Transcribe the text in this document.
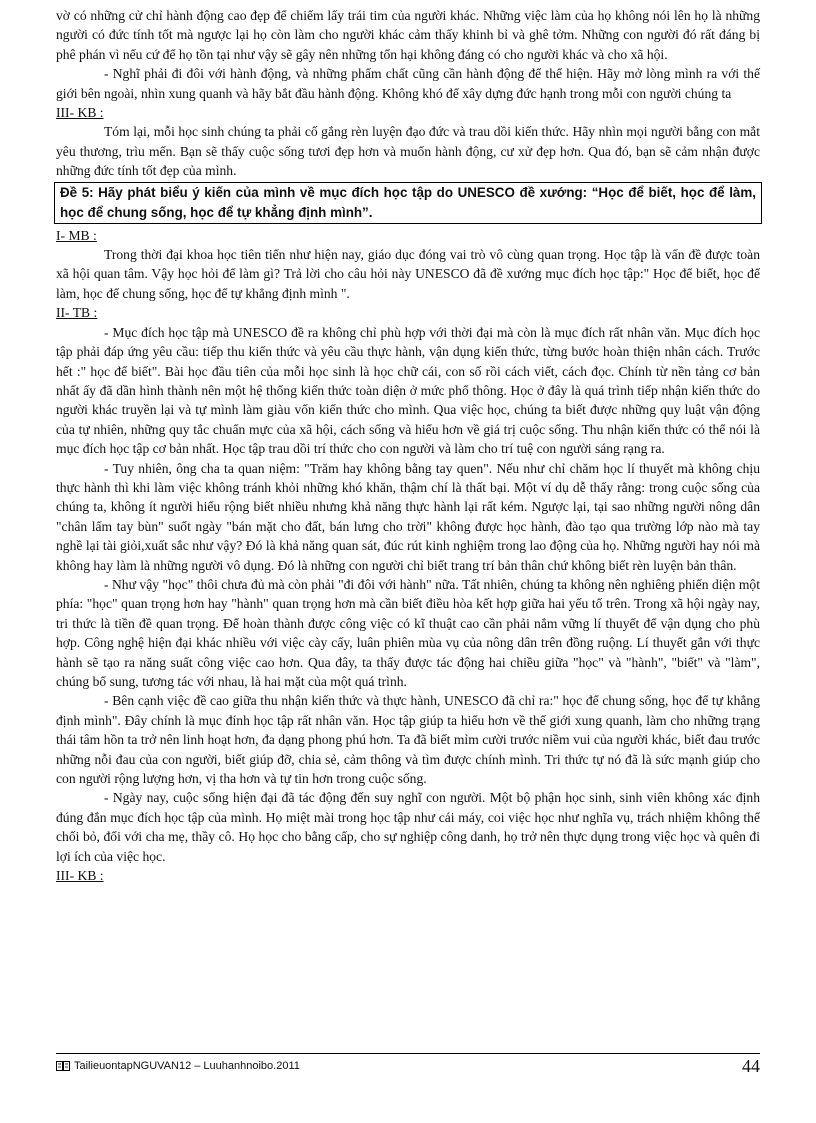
vờ có những cử chỉ hành động cao đẹp để chiếm lấy trái tim của người khác. Những việc làm của họ không nói lên họ là những người có đức tính tốt mà ngược lại họ còn làm cho người khác cảm thấy khinh bỉ và ghê tởm. Những con người đó rất đáng bị phê phán vì nếu cứ để họ tồn tại như vậy sẽ gây nên những tổn hại không đáng có cho người khác và cho xã hội.

- Nghĩ phải đi đôi với hành động, và những phẩm chất cũng cần hành động để thể hiện. Hãy mở lòng mình ra với thế giới bên ngoài, nhìn xung quanh và hãy bắt đầu hành động. Không khó để xây dựng đức hạnh trong mỗi con người chúng ta

III- KB :

Tóm lại, mỗi học sinh chúng ta phải cố gắng rèn luyện đạo đức và trau dồi kiến thức. Hãy nhìn mọi người bằng con mắt yêu thương, trìu mến. Bạn sẽ thấy cuộc sống tươi đẹp hơn và muốn hành động, cư xử đẹp hơn. Qua đó, bạn sẽ cảm nhận được những đức tính tốt đẹp của mình.

Đề 5: Hãy phát biểu ý kiến của mình về mục đích học tập do UNESCO đề xướng: “Học để biết, học để làm, học để chung sống, học để tự khẳng định mình”.
I- MB :

Trong thời đại khoa học tiên tiến như hiện nay, giáo dục đóng vai trò vô cùng quan trọng. Học tập là vấn đề được toàn xã hội quan tâm. Vậy học hỏi để làm gì? Trả lời cho câu hỏi này UNESCO đã đề xướng mục đích học tập:" Học để biết, học để làm, học để chung sống, học để tự khẳng định mình ".

II- TB :

- Mục đích học tập mà UNESCO đề ra không chỉ phù hợp với thời đại mà còn là mục đích rất nhân văn. Mục đích học tập phải đáp ứng yêu cầu: tiếp thu kiến thức và yêu cầu thực hành, vận dụng kiến thức, từng bước hoàn thiện nhân cách. Trước hết :" học để biết". Bài học đầu tiên của mỗi học sinh là học chữ cái, con số rồi cách viết, cách đọc. Chính từ nền tảng cơ bản nhất ấy đã dần hình thành nên một hệ thống kiến thức toàn diện ở mức phổ thông. Học ở đây là quá trình tiếp nhận kiến thức do người khác truyền lại và tự mình làm giàu vốn kiến thức cho mình. Qua việc học, chúng ta biết được những quy luật vận động của tự nhiên, những quy tắc chuẩn mực của xã hội, cách sống và hiểu hơn về giá trị cuộc sống. Thu nhận kiến thức có thể nói là mục đích học tập cơ bản nhất. Học tập trau dồi trí thức cho con người và làm cho trí tuệ con người sáng rạng ra.

- Tuy nhiên, ông cha ta quan niệm: "Trăm hay không bằng tay quen". Nếu như chỉ chăm học lí thuyết mà không chịu thực hành thì khi làm việc không tránh khỏi những khó khăn, thậm chí là thất bại. Một ví dụ dễ thấy rằng: trong cuộc sống của chúng ta, không ít người hiểu rộng biết nhiều nhưng khả năng thực hành lại rất kém. Ngược lại, tại sao những người nông dân "chân lấm tay bùn" suốt ngày "bán mặt cho đất, bán lưng cho trời" không được học hành, đào tạo qua trường lớp nào mà tay nghề lại tài giỏi,xuất sắc như vậy? Đó là khả năng quan sát, đúc rút kinh nghiệm trong lao động của họ. Những người hay nói mà không hay làm là những người vô dụng. Đó là những con người chỉ biết trang trí bản thân chứ không biết rèn luyện bản thân.

- Như vậy "học" thôi chưa đủ mà còn phải "đi đôi với hành" nữa. Tất nhiên, chúng ta không nên nghiêng phiến diện một phía: "học" quan trọng hơn hay "hành" quan trọng hơn mà cần biết điều hòa kết hợp giữa hai yếu tố trên. Trong xã hội ngày nay, tri thức là tiền đề quan trọng. Để hoàn thành được công việc có kĩ thuật cao cần phải nắm vững lí thuyết để vận dụng cho phù hợp. Công nghệ hiện đại khác nhiều với việc cày cấy, luân phiên mùa vụ của nông dân trên đồng ruộng. Lí thuyết gắn với thực hành sẽ tạo ra năng suất công việc cao hơn. Qua đây, ta thấy được tác động hai chiều giữa "học" và "hành", "biết" và "làm", chúng bổ sung, tương tác với nhau, là hai mặt của một quá trình.

- Bên cạnh việc đề cao giữa thu nhận kiến thức và thực hành, UNESCO đã chỉ ra:" học để chung sống, học để tự khẳng định mình". Đây chính là mục đính học tập rất nhân văn. Học tập giúp ta hiểu hơn về thế giới xung quanh, làm cho những trạng thái tâm hồn ta trở nên linh hoạt hơn, đa dạng phong phú hơn. Ta đã biết mỉm cười trước niềm vui của người khác, biết đau trước những nỗi đau của con người, biết giúp đỡ, chia sẻ, cảm thông và tìm được chính mình. Tri thức tự nó đã là sức mạnh giúp cho con người rộng lượng hơn, vị tha hơn và tự tin hơn trong cuộc sống.

- Ngày nay, cuộc sống hiện đại đã tác động đến suy nghĩ con người. Một bộ phận học sinh, sinh viên không xác định đúng đắn mục đích học tập của mình. Họ miệt mài trong học tập như cái máy, coi việc học như nghĩa vụ, trách nhiệm không thể chối bỏ, đối với cha mẹ, thầy cô. Họ học cho bằng cấp, cho sự nghiệp công danh, họ trở nên thực dụng trong việc học và quên đi lợi ích của việc học.

III- KB :
TailieuontapNGUVAN12 – Luuhanhnoibo.2011	44
